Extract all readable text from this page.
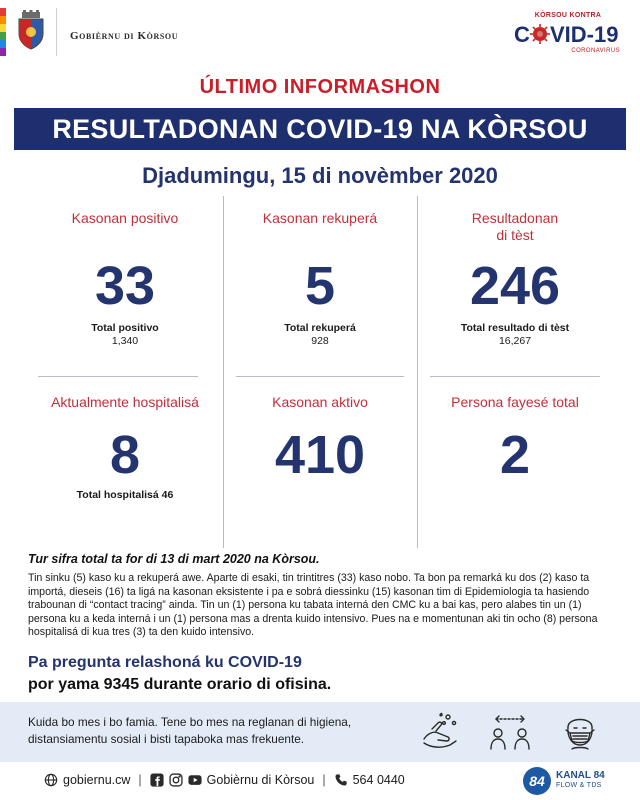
Gobièrnu di Kòrsou
KÒRSOU KONTRA
C VID-19
CORONAVIRUS
ÚLTIMO INFORMASHON
RESULTADONAN COVID-19 NA KÒRSOU
Djadumingu, 15 di novèmber 2020
Kasonan positivo
33
Total positivo
1,340
Kasonan rekuperá
5
Total rekuperá
928
Resultadonan
di tèst
246
Total resultado di tèst
16,267
Aktualmente hospitalisá
8
Total hospitalisá 46
Kasonan aktivo
410
Persona fayesé total
2
Tur sifra total ta for di 13 di mart 2020 na Kòrsou.
Tin sinku (5) kaso ku a rekuperá awe. Aparte di esaki, tin trintitres (33) kaso nobo. Ta bon pa remarká ku dos (2) kaso ta importá, dieseis (16) ta ligá na kasonan eksistente i pa e sobrá diessinku (15) kasonan tim di Epidemiologia ta hasiendo trabounan di “contact tracing” ainda. Tin un (1) persona ku tabata interná den CMC ku a bai kas, pero alabes tin un (1) persona ku a keda interná i un (1) persona mas a drenta kuido intensivo. Pues na e momentunan aki tin ocho (8) persona hospitalisá di kua tres (3) ta den kuido intensivo.
Pa pregunta relashoná ku COVID-19
por yama 9345 durante orario di ofisina.
Kuida bo mes i bo famia. Tene bo mes na reglanan di higiena,
distansiamentu sosial i bisti tapaboka mas frekuente.
gobiernu.cw |	Gobièrnu di Kòrsou | 564 0440	84 KANAL 84
FLOW & TDS
